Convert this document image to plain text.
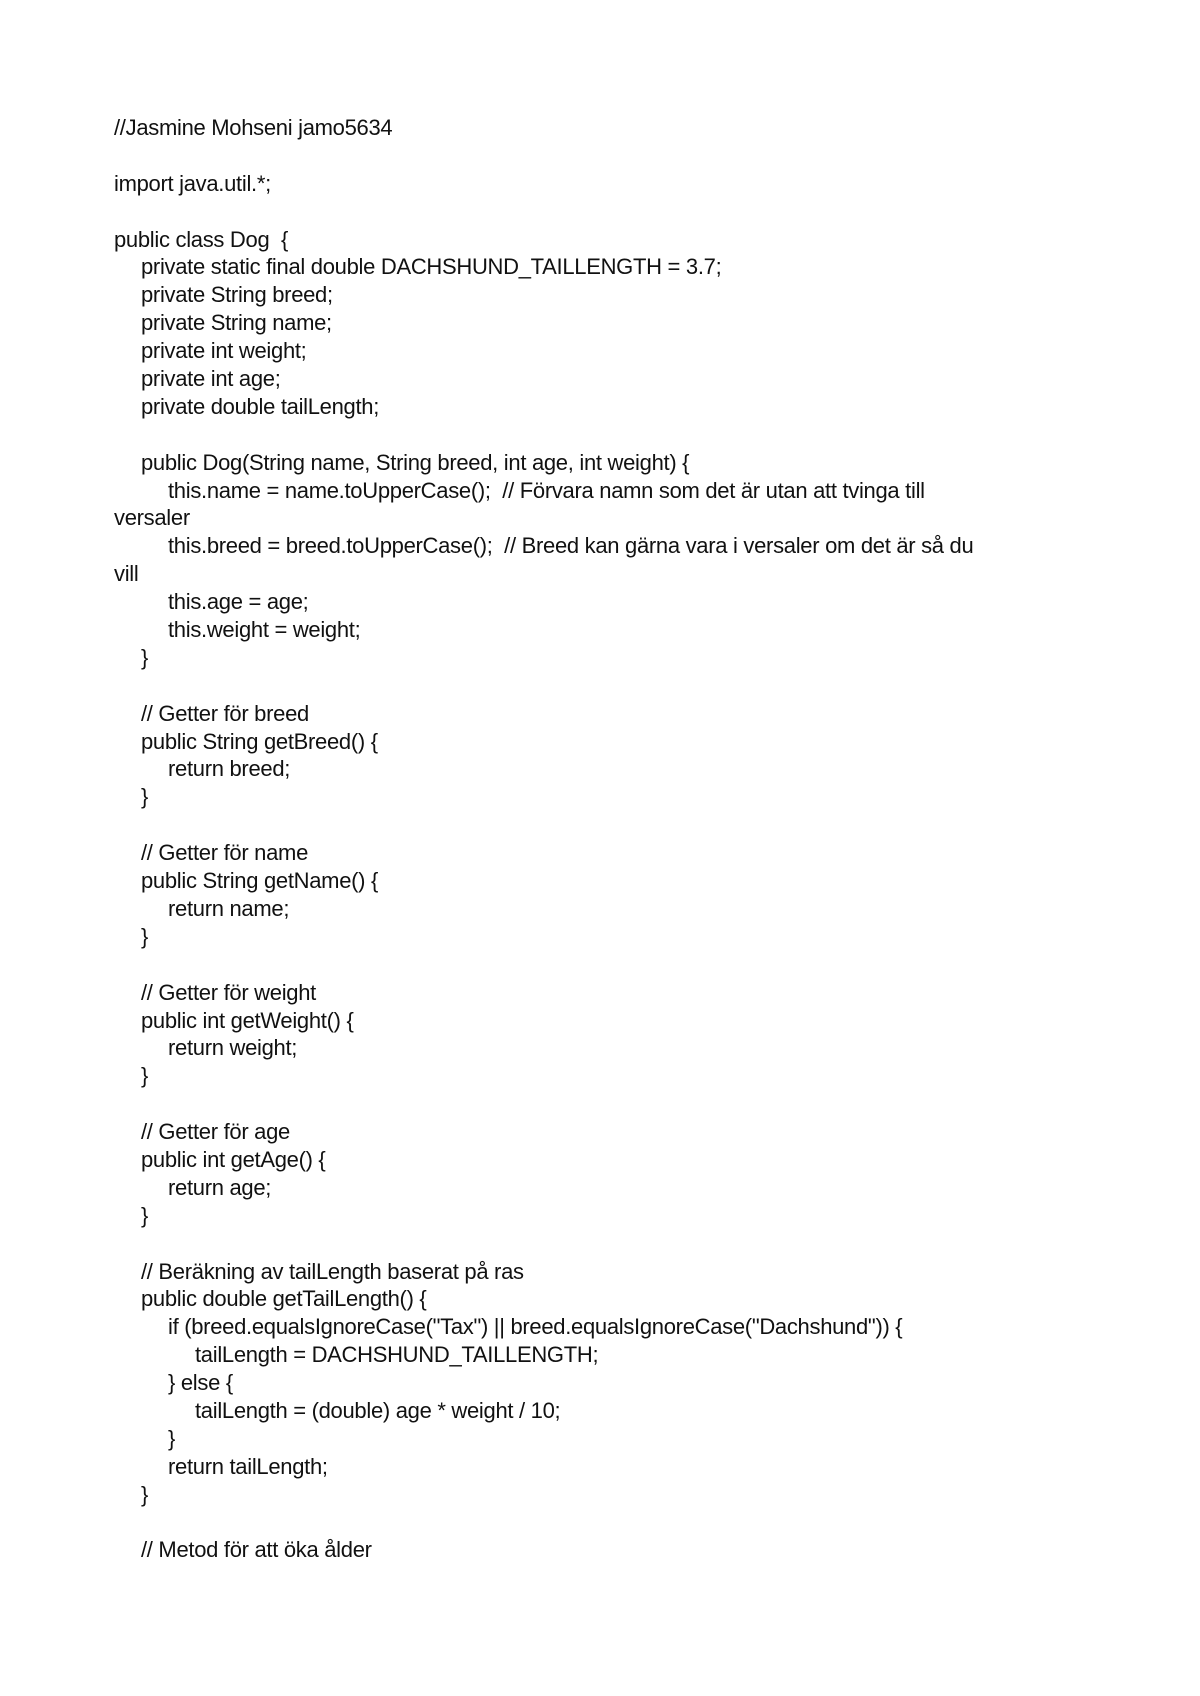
//Jasmine Mohseni jamo5634
import java.util.*;
public class Dog  {
private static final double DACHSHUND_TAILLENGTH = 3.7;
private String breed;
private String name;
private int weight;
private int age;
private double tailLength;
public Dog(String name, String breed, int age, int weight) {
this.name = name.toUpperCase();  // Förvara namn som det är utan att tvinga till
versaler
this.breed = breed.toUpperCase();  // Breed kan gärna vara i versaler om det är så du
vill
this.age = age;
this.weight = weight;
}
// Getter för breed
public String getBreed() {
return breed;
}
// Getter för name
public String getName() {
return name;
}
// Getter för weight
public int getWeight() {
return weight;
}
// Getter för age
public int getAge() {
return age;
}
// Beräkning av tailLength baserat på ras
public double getTailLength() {
if (breed.equalsIgnoreCase("Tax") || breed.equalsIgnoreCase("Dachshund")) {
tailLength = DACHSHUND_TAILLENGTH;
} else {
tailLength = (double) age * weight / 10;
}
return tailLength;
}
// Metod för att öka ålder
